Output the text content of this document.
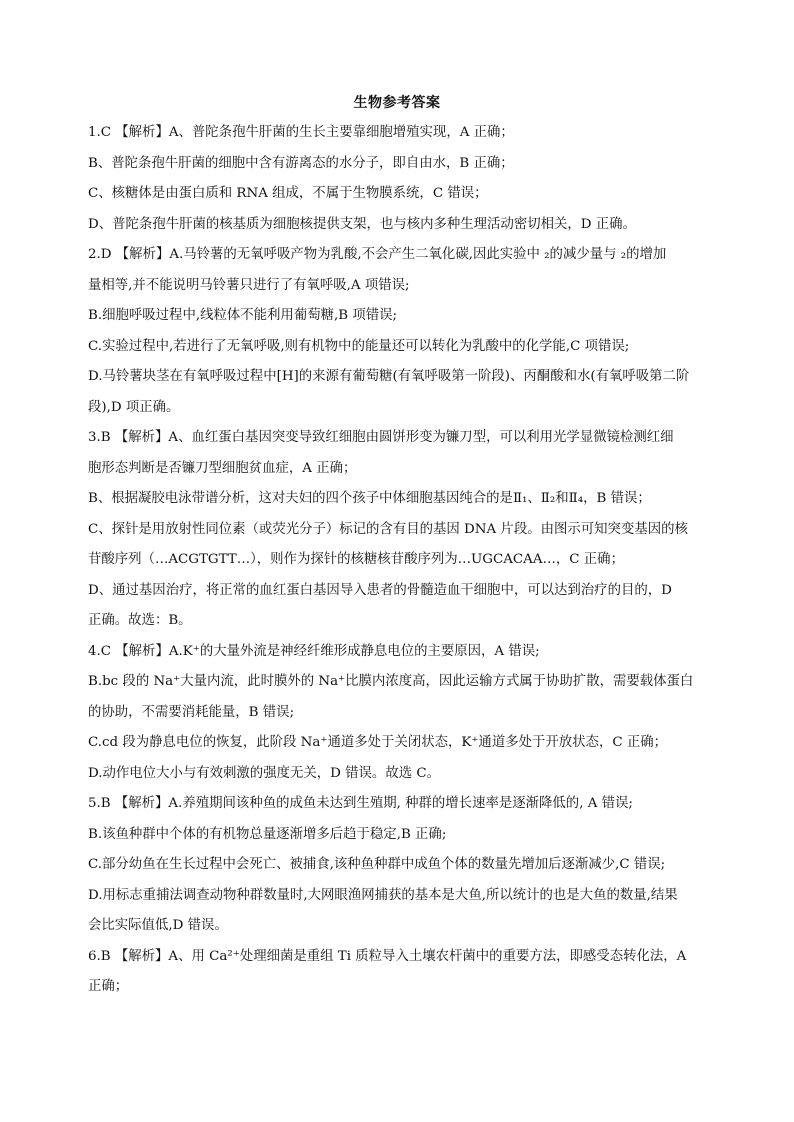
生物参考答案
1.C 【解析】A、普陀条孢牛肝菌的生长主要靠细胞增殖实现，A 正确；
B、普陀条孢牛肝菌的细胞中含有游离态的水分子，即自由水，B 正确；
C、核糖体是由蛋白质和 RNA 组成，不属于生物膜系统，C 错误；
D、普陀条孢牛肝菌的核基质为细胞核提供支架，也与核内多种生理活动密切相关，D 正确。
2.D 【解析】A.马铃薯的无氧呼吸产物为乳酸,不会产生二氧化碳,因此实验中 ₂的减少量与 ₂的增加
量相等,并不能说明马铃薯只进行了有氧呼吸,A 项错误;
B.细胞呼吸过程中,线粒体不能利用葡萄糖,B 项错误;
C.实验过程中,若进行了无氧呼吸,则有机物中的能量还可以转化为乳酸中的化学能,C 项错误;
D.马铃薯块茎在有氧呼吸过程中[H]的来源有葡萄糖(有氧呼吸第一阶段)、丙酮酸和水(有氧呼吸第二阶
段),D 项正确。
3.B 【解析】A、血红蛋白基因突变导致红细胞由圆饼形变为镰刀型，可以利用光学显微镜检测红细
胞形态判断是否镰刀型细胞贫血症，A 正确；
B、根据凝胶电泳带谱分析，这对夫妇的四个孩子中体细胞基因纯合的是Ⅱ₁、Ⅱ₂和Ⅱ₄，B 错误；
C、探针是用放射性同位素（或荧光分子）标记的含有目的基因 DNA 片段。由图示可知突变基因的核
苷酸序列（…ACGTGTT…），则作为探针的核糖核苷酸序列为…UGCACAA…，C 正确；
D、通过基因治疗，将正常的血红蛋白基因导入患者的骨髓造血干细胞中，可以达到治疗的目的，D
正确。故选：B。
4.C 【解析】A.K⁺的大量外流是神经纤维形成静息电位的主要原因，A 错误;
B.bc 段的 Na⁺大量内流，此时膜外的 Na⁺比膜内浓度高，因此运输方式属于协助扩散，需要载体蛋白
的协助，不需要消耗能量，B 错误;
C.cd 段为静息电位的恢复，此阶段 Na⁺通道多处于关闭状态，K⁺通道多处于开放状态，C 正确；
D.动作电位大小与有效刺激的强度无关，D 错误。故选 C。
5.B 【解析】A.养殖期间该种鱼的成鱼未达到生殖期, 种群的增长速率是逐渐降低的, A 错误;
B.该鱼种群中个体的有机物总量逐渐增多后趋于稳定,B 正确;
C.部分幼鱼在生长过程中会死亡、被捕食,该种鱼种群中成鱼个体的数量先增加后逐渐减少,C 错误;
D.用标志重捕法调查动物种群数量时,大网眼渔网捕获的基本是大鱼,所以统计的也是大鱼的数量,结果
会比实际值低,D 错误。
6.B 【解析】A、用 Ca²⁺处理细菌是重组 Ti 质粒导入土壤农杆菌中的重要方法，即感受态转化法，A
正确；
